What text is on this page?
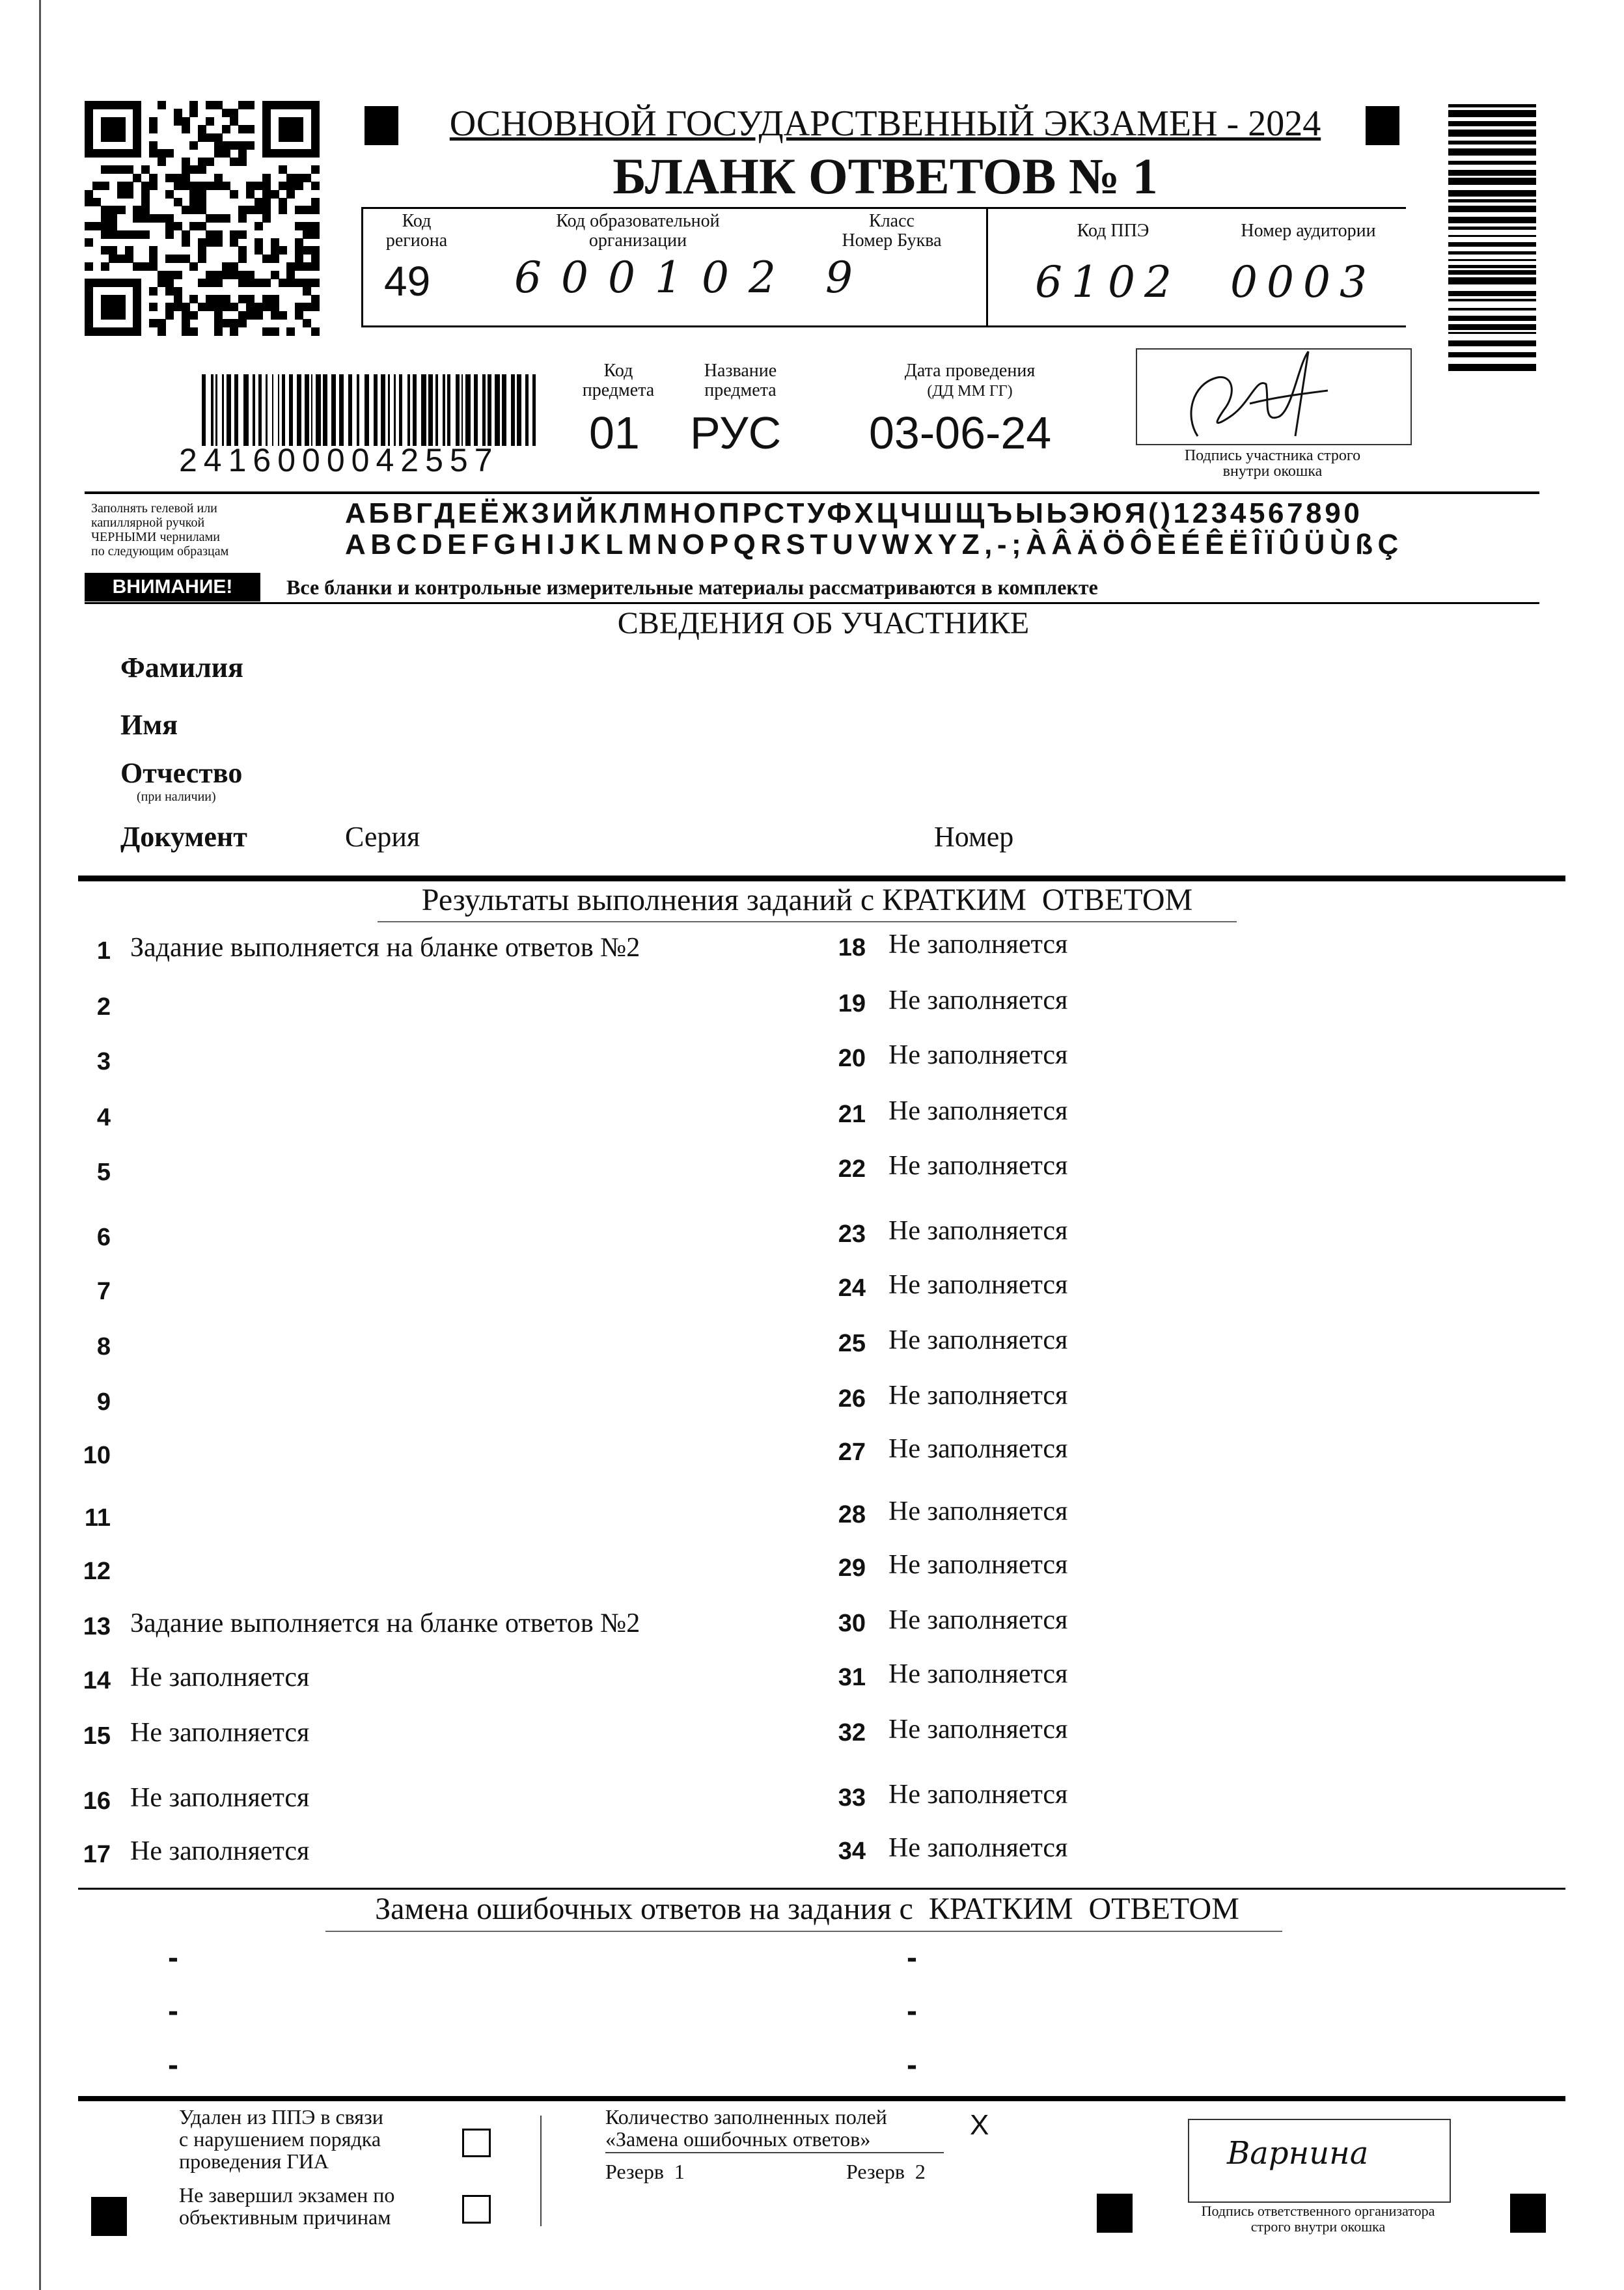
ОСНОВНОЙ ГОСУДАРСТВЕННЫЙ ЭКЗАМЕН - 2024
БЛАНК ОТВЕТОВ № 1
Код
региона
49
Код образовательной
организации
600102
Класс
Номер Буква
9
Код ППЭ
6102
Номер аудитории
0003
2416000042557
Код
предмета
01
Название
предмета
РУС
Дата проведения
(ДД ММ ГГ)
03-06-24	Подпись участника строго
внутри окошка
Заполнять гелевой или
капиллярной ручкой
ЧЕРНЫМИ чернилами
по следующим образцам
АБВГДЕЁЖЗИЙКЛМНОПРСТУФХЦЧШЩЪЫЬЭЮЯ()1234567890
ABCDEFGHIJKLMNOPQRSTUVWXYZ,-;ÀÂÄÖÔÈÉÊËÎÏÛÜÙßÇ
ВНИМАНИЕ!	Все бланки и контрольные измерительные материалы рассматриваются в комплекте
СВЕДЕНИЯ ОБ УЧАСТНИКЕ
Фамилия
Имя
Отчество
(при наличии)
Документ	Серия	Номер
Результаты выполнения заданий с КРАТКИМ  ОТВЕТОМ
1 Задание выполняется на бланке ответов №2
2
3
4
5
6
7
8
9
10
11
12
13 Задание выполняется на бланке ответов №2
14 Не заполняется
15 Не заполняется
16 Не заполняется
17 Не заполняется
18 Не заполняется
19 Не заполняется
20 Не заполняется
21 Не заполняется
22 Не заполняется
23 Не заполняется
24 Не заполняется
25 Не заполняется
26 Не заполняется
27 Не заполняется
28 Не заполняется
29 Не заполняется
30 Не заполняется
31 Не заполняется
32 Не заполняется
33 Не заполняется
34 Не заполняется
Замена ошибочных ответов на задания с  КРАТКИМ  ОТВЕТОМ
-
-
-
-
-
-
Удален из ППЭ в связи
с нарушением порядка
проведения ГИА
Не завершил экзамен по
объективным причинам
Количество заполненных полей
«Замена ошибочных ответов»	X
Резерв  1	Резерв  2	Варнина
Подпись ответственного организатора
строго внутри окошка
